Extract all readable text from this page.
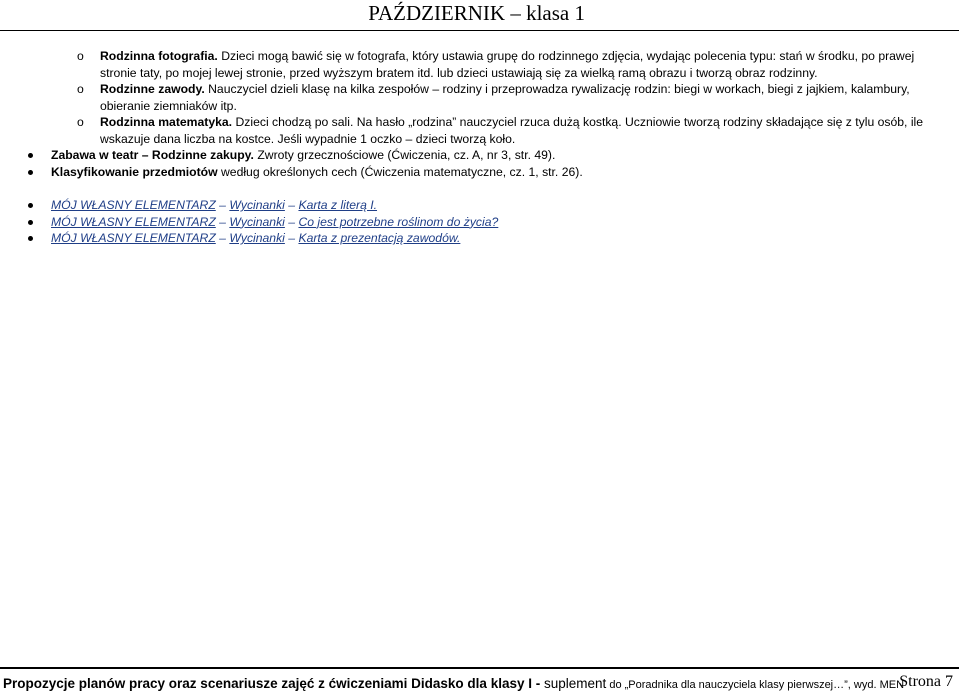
PAŹDZIERNIK – klasa 1
o Rodzinna fotografia. Dzieci mogą bawić się w fotografa, który ustawia grupę do rodzinnego zdjęcia, wydając polecenia typu: stań w środku, po prawej stronie taty, po mojej lewej stronie, przed wyższym bratem itd. lub dzieci ustawiają się za wielką ramą obrazu i tworzą obraz rodzinny.
o Rodzinne zawody. Nauczyciel dzieli klasę na kilka zespołów – rodziny i przeprowadza rywalizację rodzin: biegi w workach, biegi z jajkiem, kalambury, obieranie ziemniaków itp.
o Rodzinna matematyka. Dzieci chodzą po sali. Na hasło „rodzina” nauczyciel rzuca dużą kostką. Uczniowie tworzą rodziny składające się z tylu osób, ile wskazuje dana liczba na kostce. Jeśli wypadnie 1 oczko – dzieci tworzą koło.
Zabawa w teatr – Rodzinne zakupy. Zwroty grzecznościowe (Ćwiczenia, cz. A, nr 3, str. 49).
Klasyfikowanie przedmiotów według określonych cech (Ćwiczenia matematyczne, cz. 1, str. 26).
MÓJ WŁASNY ELEMENTARZ – Wycinanki – Karta z literą I.
MÓJ WŁASNY ELEMENTARZ – Wycinanki – Co jest potrzebne roślinom do życia?
MÓJ WŁASNY ELEMENTARZ – Wycinanki – Karta z prezentacją zawodów.
Propozycje planów pracy oraz scenariusze zajęć z ćwiczeniami Didasko dla klasy I - suplement do „Poradnika dla nauczyciela klasy pierwszej…”, wyd. MEN
Strona 7
